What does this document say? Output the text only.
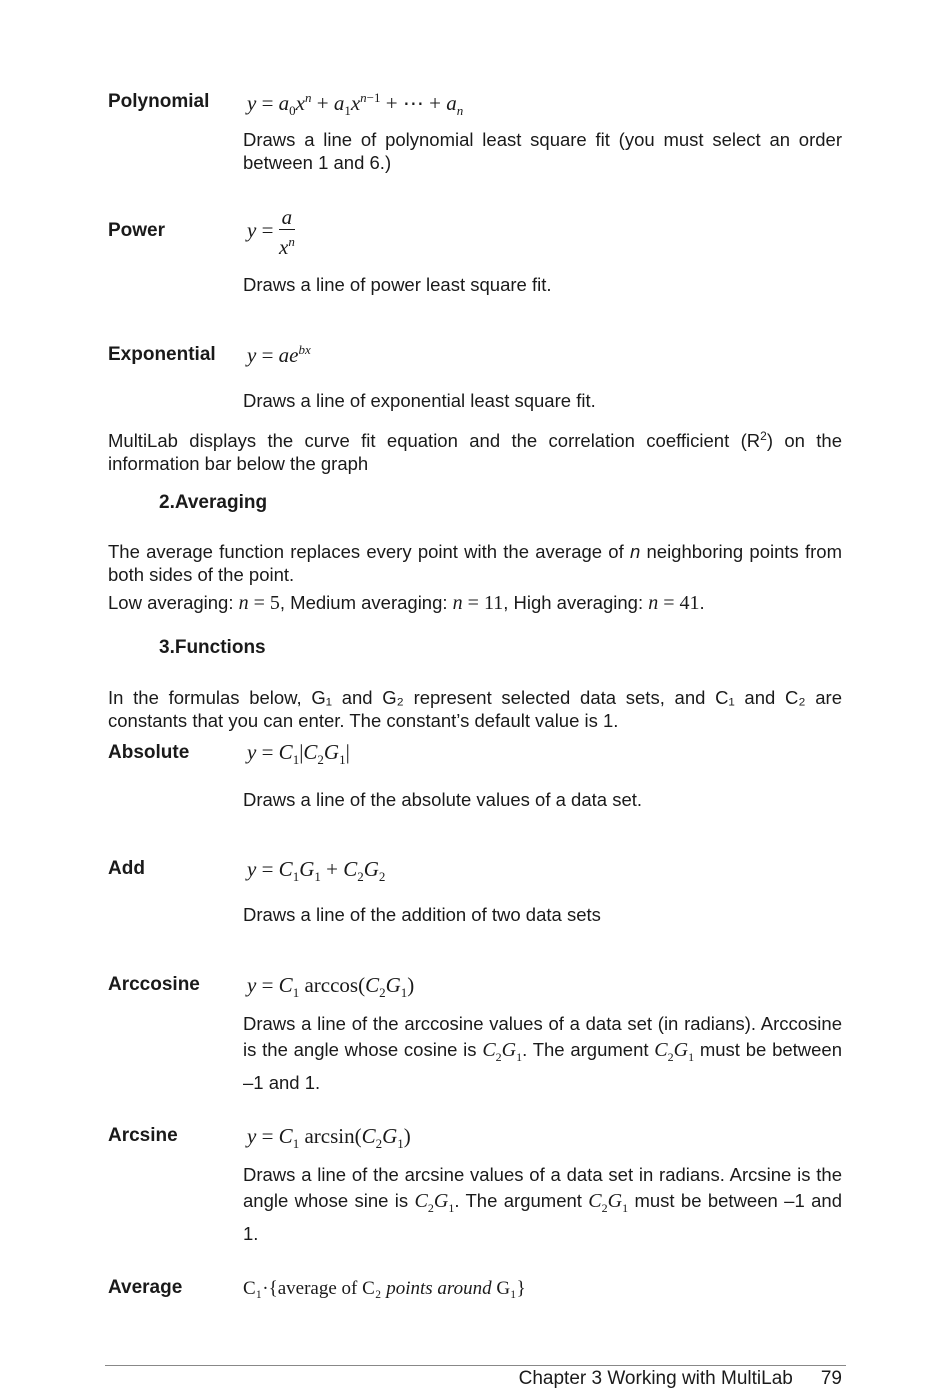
Polynomial $y = a_0x^n + a_1x^{n-1}$ + ⋯ + $a_n$
Draws a line of polynomial least square fit (you must select an order between 1 and 6.)
Power	$y = \frac{a}{x^n}$
Draws a line of power least square fit.
Exponential $y = ae^{bx}$
Draws a line of exponential least square fit.
MultiLab displays the curve fit equation and the correlation coefficient $(R^2)$ on the information bar below the graph
2.Averaging
The average function replaces every point with the average of n neighboring points from both sides of the point.
Low averaging: n = 5, Medium averaging: n = 11, High averaging: n = 41.
3.Functions
In the formulas below, G₁ and G₂ represent selected data sets, and C₁ and C₂ are constants that you can enter. The constant’s default value is 1.
Absolute	$y = C_1|C_2G_1|$
Draws a line of the absolute values of a data set.
Add	$y = C_1G_1 + C_2G_2$
Draws a line of the addition of two data sets
Arccosine $y = C_1$ $\arccos(C_2G_1)$
Draws a line of the arccosine values of a data set (in radians). Arccosine is the angle whose cosine is $C_2G_1$. The argument $C_2G_1$ must be between –1 and 1.
Arcsine	$y = C_1$ $\arcsin(C_2G_1)$
Draws a line of the arcsine values of a data set in radians. Arcsine is the angle whose sine is $C_2G_1$. The argument $C_2G_1$ must be between –1 and 1.
Average	C₁·{average of C₂ points around G₁}
Chapter 3 Working with MultiLab 79
